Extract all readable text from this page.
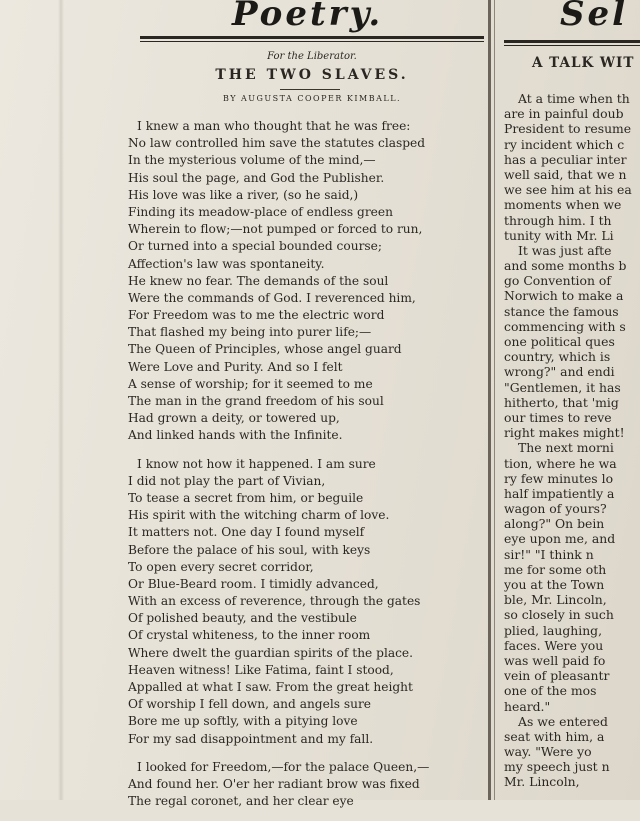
Poetry.	Sel
For the Liberator.
THE TWO SLAVES.
BY AUGUSTA COOPER KIMBALL.
I knew a man who thought that he was free:
No law controlled him save the statutes clasped
In the mysterious volume of the mind,—
His soul the page, and God the Publisher.
His love was like a river, (so he said,)
Finding its meadow-place of endless green
Wherein to flow;—not pumped or forced to run,
Or turned into a special bounded course;
Affection's law was spontaneity.
He knew no fear. The demands of the soul
Were the commands of God. I reverenced him,
For Freedom was to me the electric word
That flashed my being into purer life;—
The Queen of Principles, whose angel guard
Were Love and Purity. And so I felt
A sense of worship; for it seemed to me
The man in the grand freedom of his soul
Had grown a deity, or towered up,
And linked hands with the Infinite.
I know not how it happened. I am sure
I did not play the part of Vivian,
To tease a secret from him, or beguile
His spirit with the witching charm of love.
It matters not. One day I found myself
Before the palace of his soul, with keys
To open every secret corridor,
Or Blue-Beard room. I timidly advanced,
With an excess of reverence, through the gates
Of polished beauty, and the vestibule
Of crystal whiteness, to the inner room
Where dwelt the guardian spirits of the place.
Heaven witness! Like Fatima, faint I stood,
Appalled at what I saw. From the great height
Of worship I fell down, and angels sure
Bore me up softly, with a pitying love
For my sad disappointment and my fall.
I looked for Freedom,—for the palace Queen,—
And found her. O'er her radiant brow was fixed
The regal coronet, and her clear eye
A TALK WIT
At a time when th
are in painful doub
President to resume
ry incident which c
has a peculiar inter
well said, that we n
we see him at his ea
moments when we
through him. I th
tunity with Mr. Li
It was just afte
and some months b
go Convention of
Norwich to make a
stance the famous
commencing with s
one political ques
country, which is
wrong?" and endi
"Gentlemen, it has
hitherto, that 'mig
our times to reve
right makes might!
The next morni
tion, where he wa
ry few minutes lo
half impatiently a
wagon of yours?
along?" On bein
eye upon me, and
sir!" "I think n
me for some oth
you at the Town
ble, Mr. Lincoln,
so closely in such
plied, laughing,
faces. Were you
was well paid fo
vein of pleasantr
one of the mos
heard."
As we entered
seat with him, a
way. "Were yo
my speech just n
Mr. Lincoln,
